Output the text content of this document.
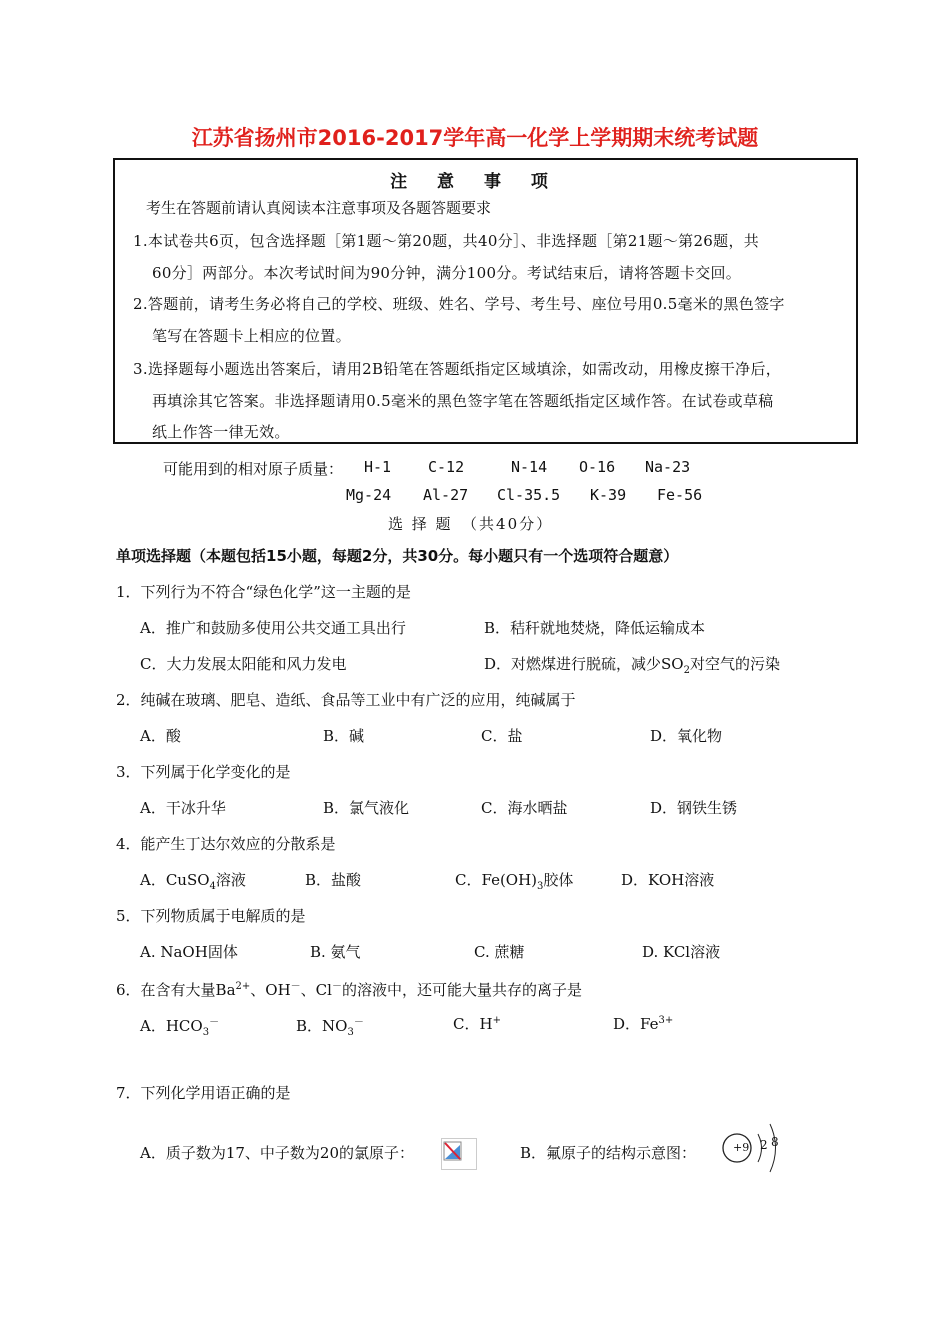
江苏省扬州市2016-2017学年高一化学上学期期末统考试题
注 意 事 项
考生在答题前请认真阅读本注意事项及各题答题要求
1.本试卷共6页，包含选择题［第1题～第20题，共40分］、非选择题［第21题～第26题，共
60分］两部分。本次考试时间为90分钟，满分100分。考试结束后，请将答题卡交回。
2.答题前，请考生务必将自己的学校、班级、姓名、学号、考生号、座位号用0.5毫米的黑色签字
笔写在答题卡上相应的位置。
3.选择题每小题选出答案后，请用2B铅笔在答题纸指定区域填涂，如需改动，用橡皮擦干净后，
再填涂其它答案。非选择题请用0.5毫米的黑色签字笔在答题纸指定区域作答。在试卷或草稿
纸上作答一律无效。
可能用到的相对原子质量： H-1 C-12	N-14 O-16 Na-23
Mg-24 Al-27 Cl-35.5 K-39 Fe-56
选 择 题　（共40分）
单项选择题（本题包括15小题，每题2分，共30分。每小题只有一个选项符合题意）
1．下列行为不符合“绿色化学”这一主题的是
A．推广和鼓励多使用公共交通工具出行	B．秸秆就地焚烧，降低运输成本
C．大力发展太阳能和风力发电	D．对燃煤进行脱硫，减少$SO_2$对空气的污染
2．纯碱在玻璃、肥皂、造纸、食品等工业中有广泛的应用，纯碱属于
A．酸	B．碱	C．盐	D．氧化物
3．下列属于化学变化的是
A．干冰升华	B．氯气液化	C．海水晒盐	D．钢铁生锈
4．能产生丁达尔效应的分散系是
A．CuSO$_4$溶液	B．盐酸	C．$Fe(OH)_3$胶体	D．KOH溶液
5．下列物质属于电解质的是
A. NaOH固体	B. 氨气	C. 蔗糖	D. KCl溶液
6．在含有大量$Ba^{2+}$、OH－、Cl－的溶液中，还可能大量共存的离子是
A．$HCO_3^-$	B．$NO_3^-$	C．H+	D．$Fe^{3+}$
7．下列化学用语正确的是
A．质子数为17、中子数为20的氯原子：	B．氟原子的结构示意图：	+9 2 8
